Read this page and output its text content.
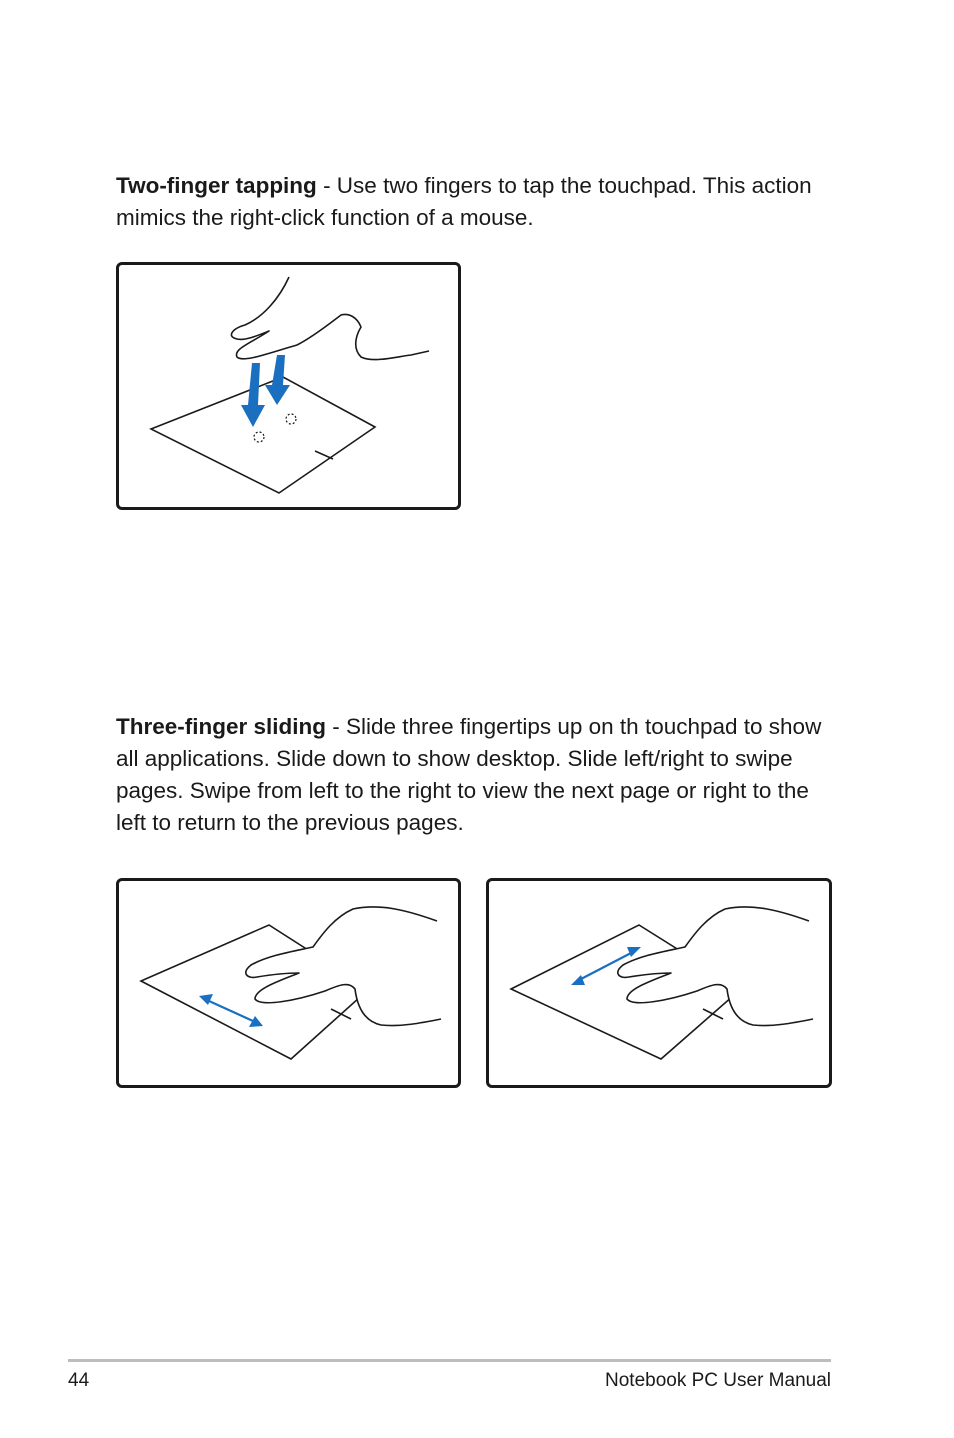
Two-finger tapping - Use two fingers to tap the touchpad. This action mimics the right-click function of a mouse.

Three-finger sliding - Slide three fingertips up on th touchpad to show all applications. Slide down to show desktop. Slide left/right to swipe pages. Swipe from left to the right to view the next page or right to the left to return to the previous pages.

44	Notebook PC User Manual
